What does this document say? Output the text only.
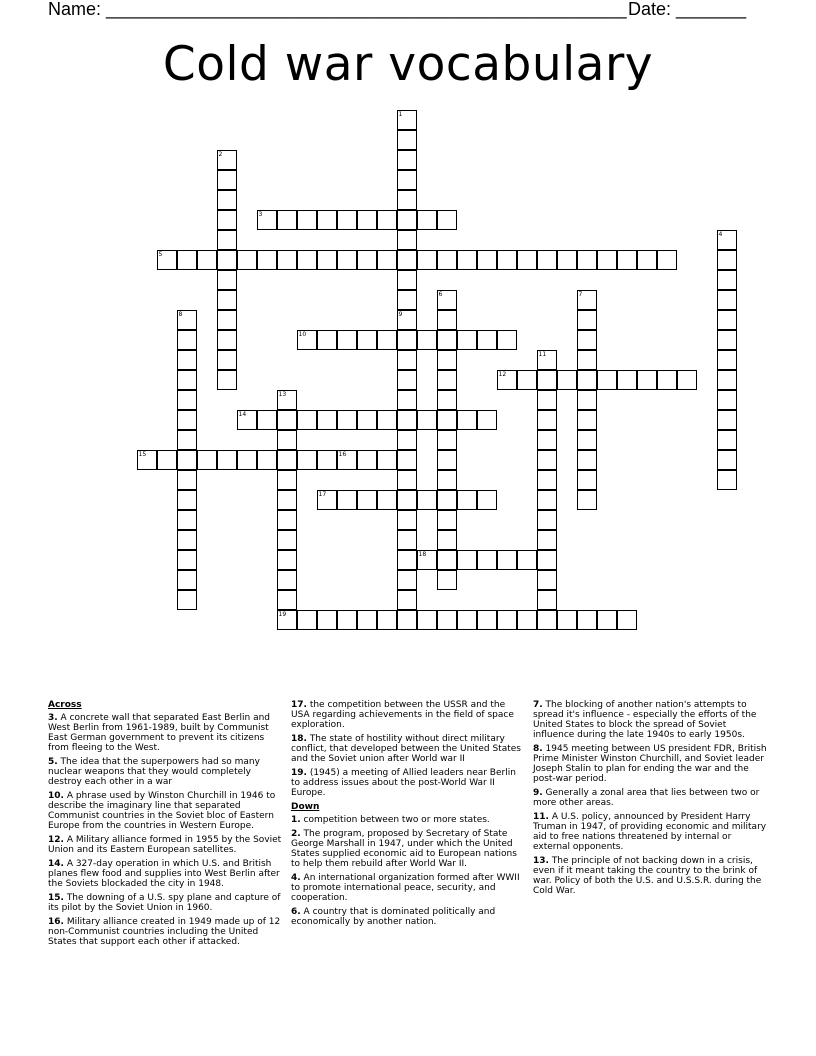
Name: ____________________________________________________ Date: _______
Cold war vocabulary
1
2
3
4
5
6	7
8	9
10
11
12
13
14
15	16
17
18
19

Across

3. A concrete wall that separated East Berlin and West Berlin from 1961-1989, built by Communist East German government to prevent its citizens from fleeing to the West.

5. The idea that the superpowers had so many nuclear weapons that they would completely destroy each other in a war

10. A phrase used by Winston Churchill in 1946 to describe the imaginary line that separated Communist countries in the Soviet bloc of Eastern Europe from the countries in Western Europe.

12. A Military alliance formed in 1955 by the Soviet Union and its Eastern European satellites.

14. A 327-day operation in which U.S. and British planes flew food and supplies into West Berlin after the Soviets blockaded the city in 1948.

15. The downing of a U.S. spy plane and capture of its pilot by the Soviet Union in 1960.

16. Military alliance created in 1949 made up of 12 non-Communist countries including the United States that support each other if attacked.

17. the competition between the USSR and the USA regarding achievements in the field of space exploration.

18. The state of hostility without direct military conflict, that developed between the United States and the Soviet union after World war II

19. (1945) a meeting of Allied leaders near Berlin to address issues about the post-World War II Europe.

Down

1. competition between two or more states.

2. The program, proposed by Secretary of State George Marshall in 1947, under which the United States supplied economic aid to European nations to help them rebuild after World War II.

4. An international organization formed after WWII to promote international peace, security, and cooperation.

6. A country that is dominated politically and economically by another nation.

7. The blocking of another nation's attempts to spread it's influence - especially the efforts of the United States to block the spread of Soviet influence during the late 1940s to early 1950s.

8. 1945 meeting between US president FDR, British Prime Minister Winston Churchill, and Soviet leader Joseph Stalin to plan for ending the war and the post-war period.

9. Generally a zonal area that lies between two or more other areas.

11. A U.S. policy, announced by President Harry Truman in 1947, of providing economic and military aid to free nations threatened by internal or external opponents.

13. The principle of not backing down in a crisis, even if it meant taking the country to the brink of war. Policy of both the U.S. and U.S.S.R. during the Cold War.
